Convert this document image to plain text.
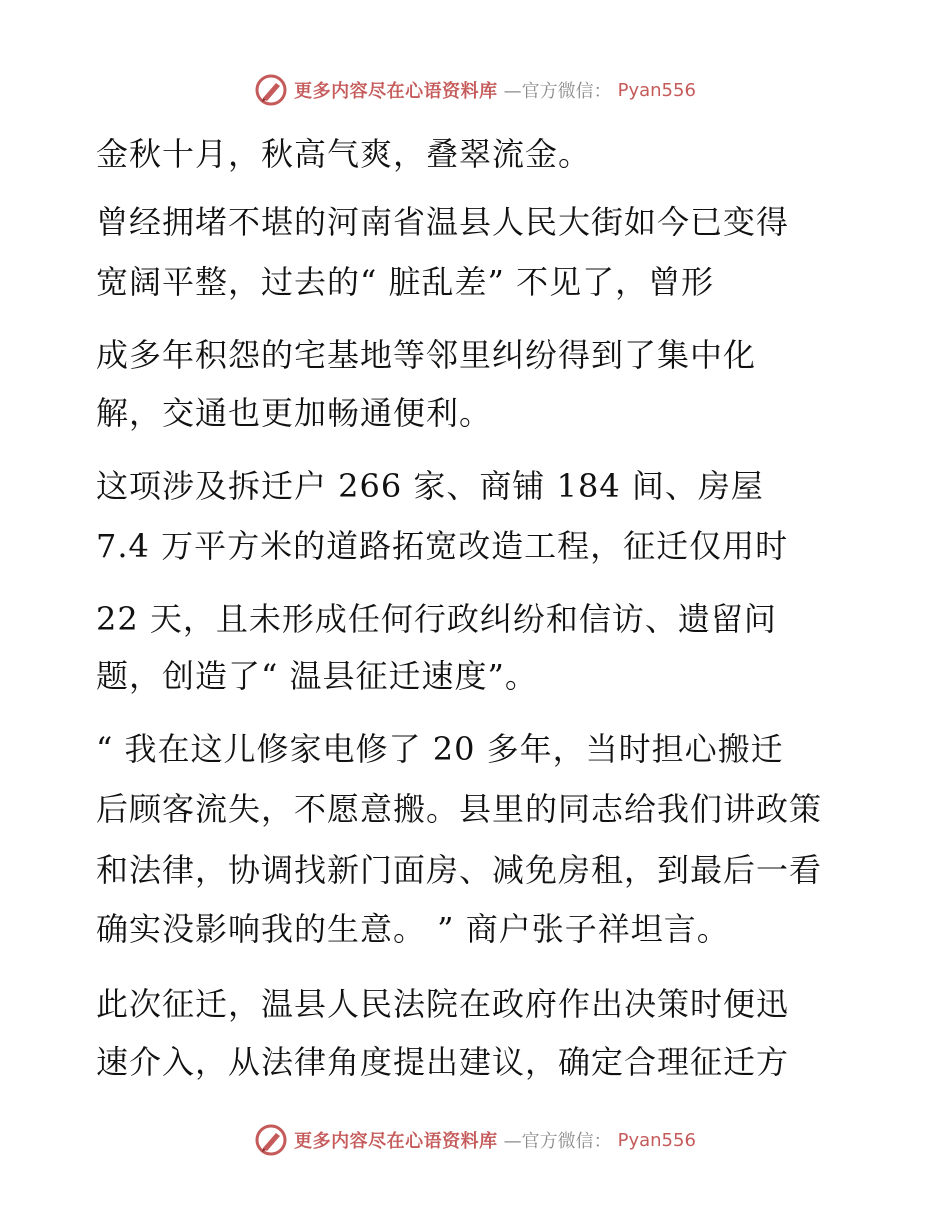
更多内容尽在心语资料库 —官方微信： Pyan556
金秋十月，秋高气爽，叠翠流金。
曾经拥堵不堪的河南省温县人民大街如今已变得
宽阔平整，过去的“ 脏乱差” 不见了，曾形
成多年积怨的宅基地等邻里纠纷得到了集中化
解，交通也更加畅通便利。
这项涉及拆迁户 266 家、商铺 184 间、房屋
7.4 万平方米的道路拓宽改造工程，征迁仅用时
22 天，且未形成任何行政纠纷和信访、遗留问
题，创造了“ 温县征迁速度”。
“ 我在这儿修家电修了 20 多年，当时担心搬迁
后顾客流失，不愿意搬。县里的同志给我们讲政策
和法律，协调找新门面房、减免房租，到最后一看
确实没影响我的生意。 ” 商户张子祥坦言。
此次征迁，温县人民法院在政府作出决策时便迅
速介入，从法律角度提出建议，确定合理征迁方
更多内容尽在心语资料库 —官方微信： Pyan556
